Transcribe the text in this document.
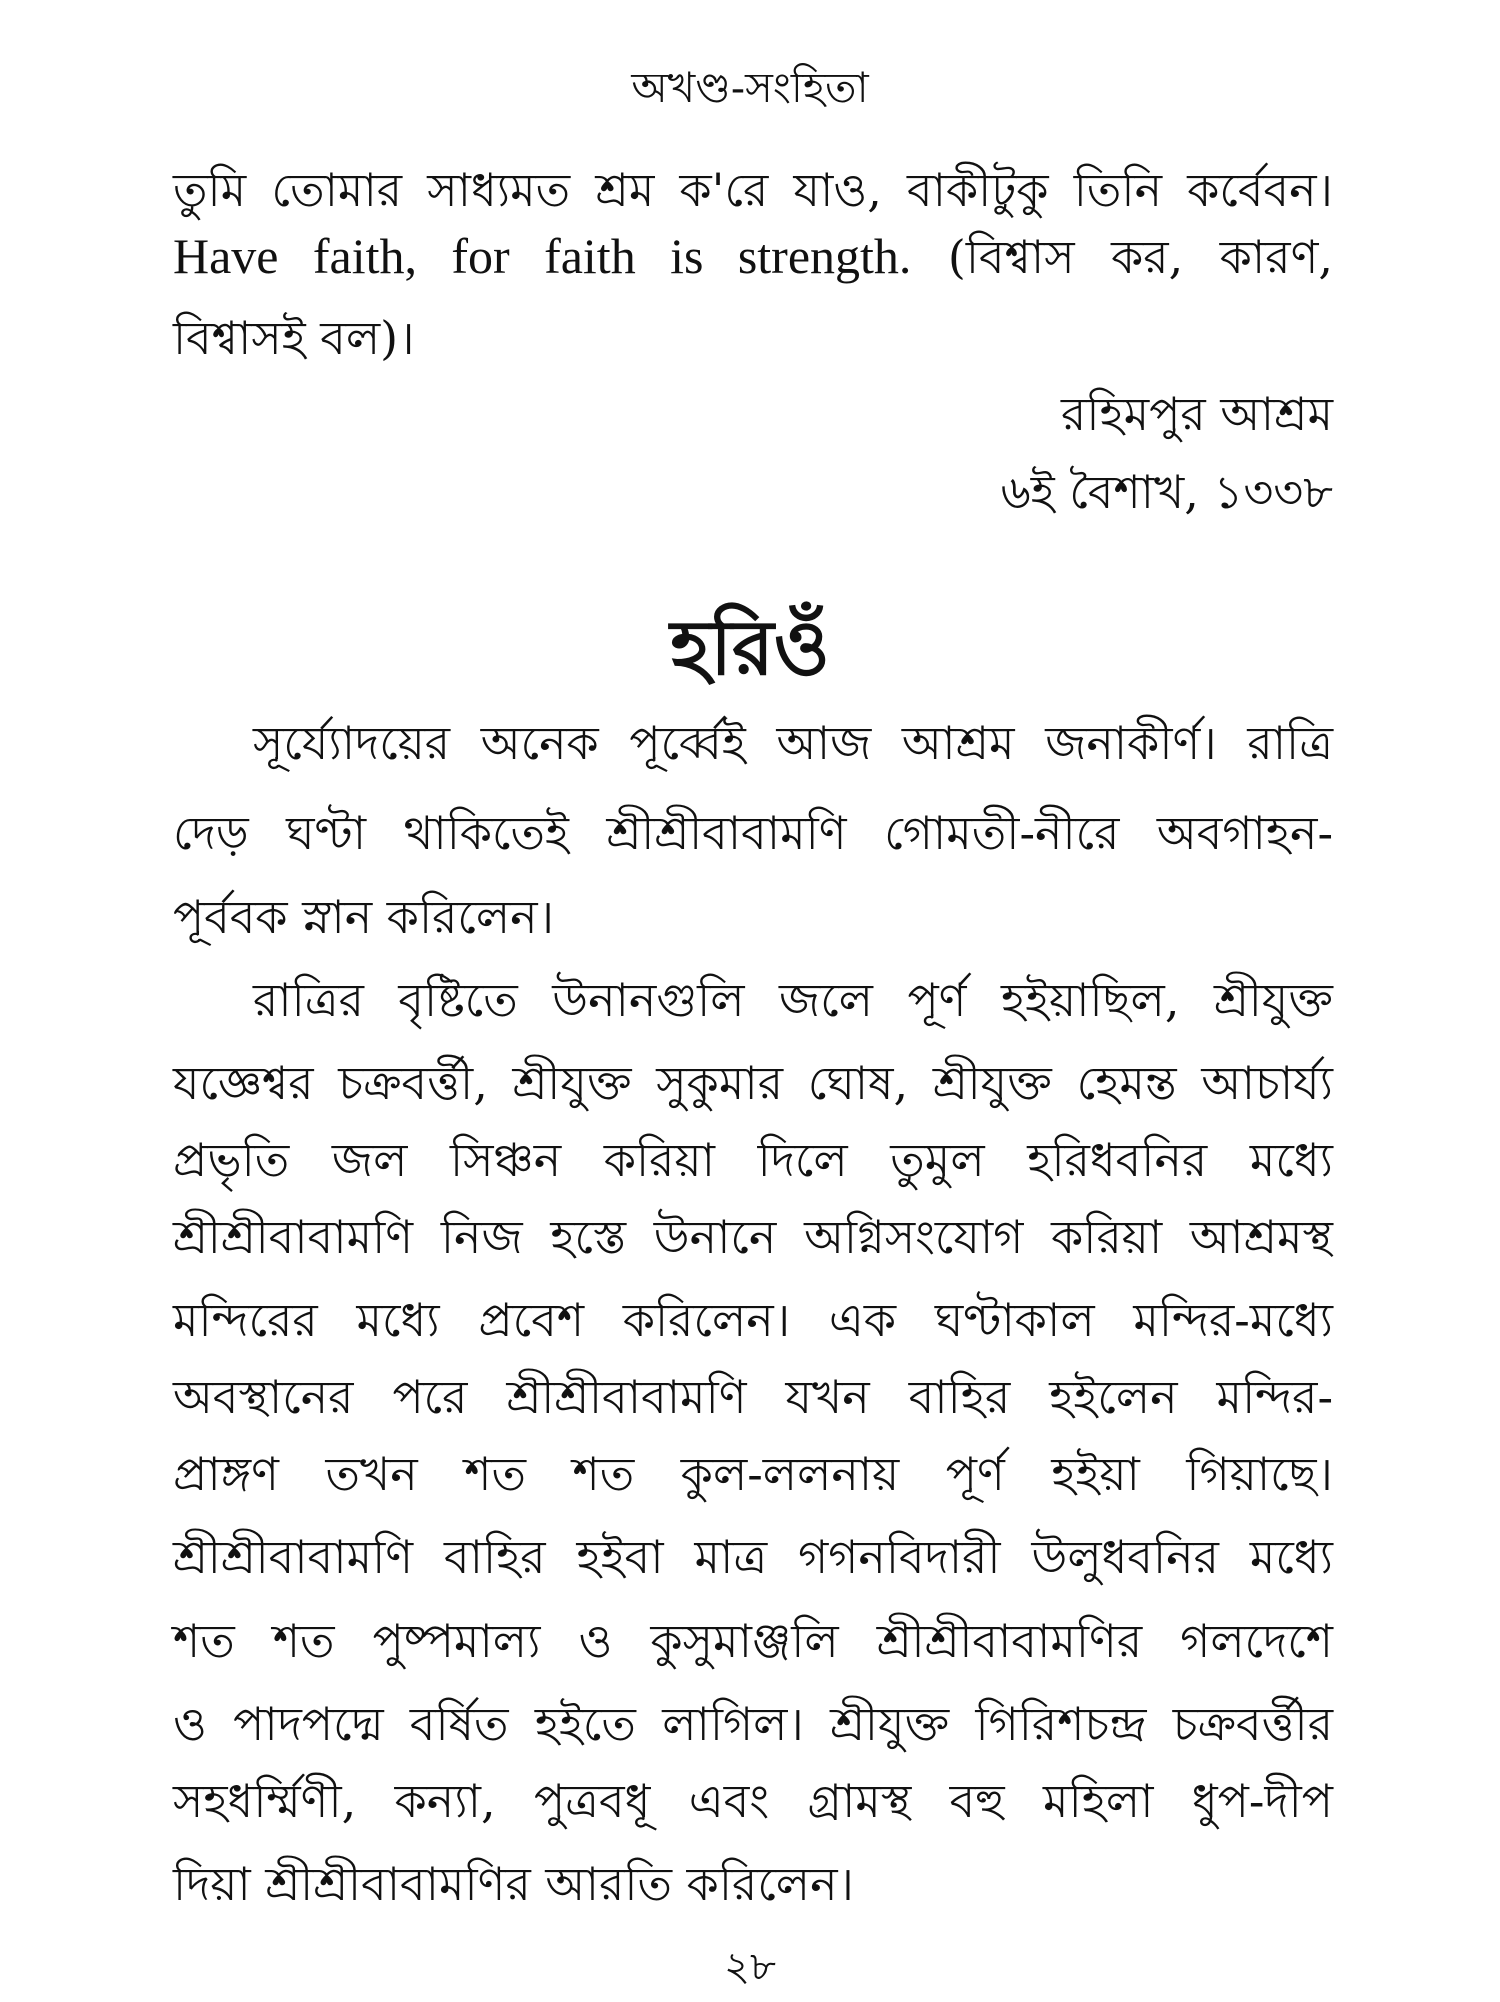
অখণ্ড-সংহিতা
তুমি তোমার সাধ্যমত শ্রম ক'রে যাও, বাকীটুকু তিনি কর্বেবন।
Have faith, for faith is strength. (বিশ্বাস কর, কারণ,
বিশ্বাসই বল)।
রহিমপুর আশ্রম
৬ই বৈশাখ, ১৩৩৮
হরিওঁ
সূর্য্যোদয়ের অনেক পূর্ব্বেই আজ আশ্রম জনাকীর্ণ। রাত্রি
দেড় ঘণ্টা থাকিতেই শ্রীশ্রীবাবামণি গোমতী-নীরে অবগাহন-
পূর্ববক স্নান করিলেন।
রাত্রির বৃষ্টিতে উনানগুলি জলে পূর্ণ হইয়াছিল, শ্রীযুক্ত
যজ্ঞেশ্বর চক্রবর্ত্তী, শ্রীযুক্ত সুকুমার ঘোষ, শ্রীযুক্ত হেমন্ত আচার্য্য
প্রভৃতি জল সিঞ্চন করিয়া দিলে তুমুল হরিধবনির মধ্যে
শ্রীশ্রীবাবামণি নিজ হস্তে উনানে অগ্নিসংযোগ করিয়া আশ্রমস্থ
মন্দিরের মধ্যে প্রবেশ করিলেন। এক ঘণ্টাকাল মন্দির-মধ্যে
অবস্থানের পরে শ্রীশ্রীবাবামণি যখন বাহির হইলেন মন্দির-
প্রাঙ্গণ তখন শত শত কুল-ললনায় পূর্ণ হইয়া গিয়াছে।
শ্রীশ্রীবাবামণি বাহির হইবা মাত্র গগনবিদারী উলুধবনির মধ্যে
শত শত পুষ্পমাল্য ও কুসুমাঞ্জলি শ্রীশ্রীবাবামণির গলদেশে
ও পাদপদ্মে বর্ষিত হইতে লাগিল। শ্রীযুক্ত গিরিশচন্দ্র চক্রবর্ত্তীর
সহধর্ম্মিণী, কন্যা, পুত্রবধূ এবং গ্রামস্থ বহু মহিলা ধুপ-দীপ
দিয়া শ্রীশ্রীবাবামণির আরতি করিলেন।
২৮
